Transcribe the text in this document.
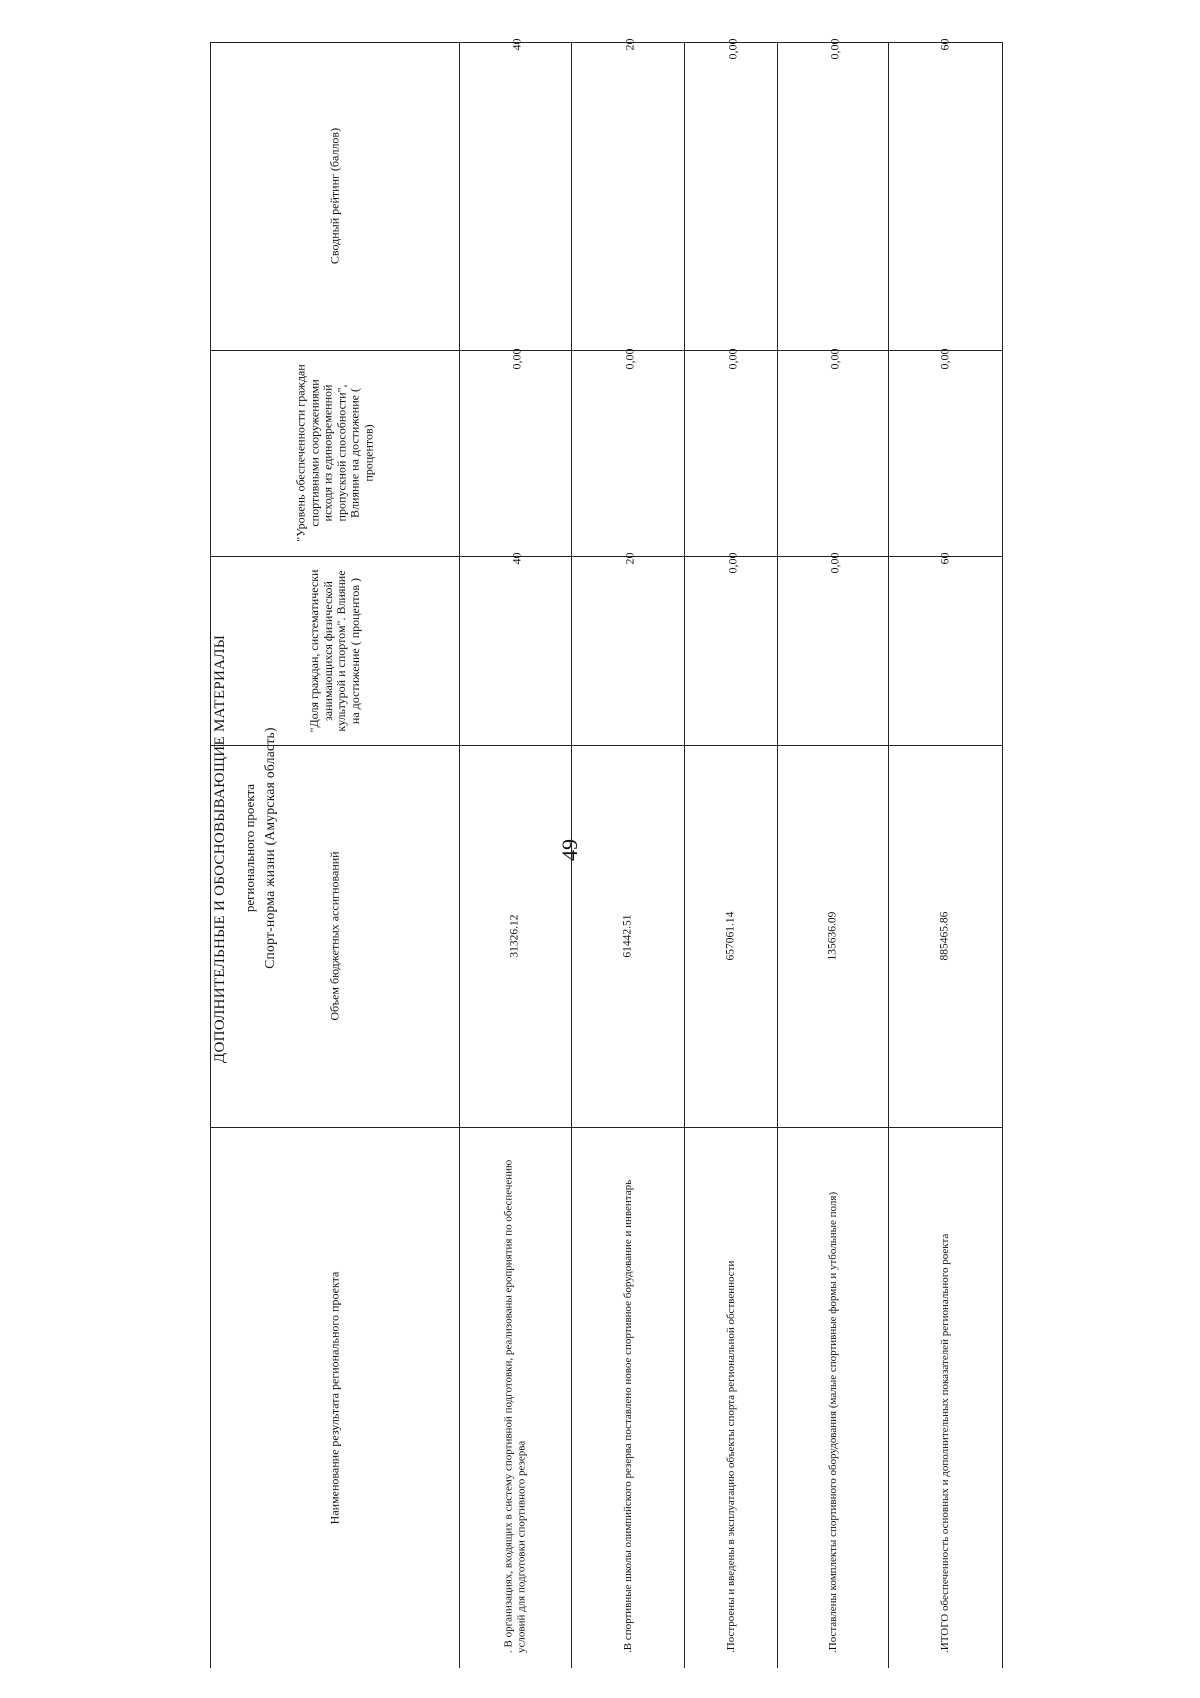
49
ДОПОЛНИТЕЛЬНЫЕ И ОБОСНОВЫВАЮЩИЕ МАТЕРИАЛЫ	регионального проекта Спорт-норма жизни (Амурская область)
Наименование результата регионального проекта
Объем бюджетных ассигнований
"Доля граждан, систематически занимающихся физической культурой и спортом". Влияние на достижение ( процентов )
"Уровень обеспеченности граждан спортивными сооружениями исходя из единовременной пропускной способности", Влияние на достижение ( процентов)
Сводный рейтинг (баллов)
. В организациях, входящих в систему спортивной подготовки, реализованы ероприятия по обеспечению условий для подготовки спортивного резерва
31326.12
40
0,00
40
.В спортивные школы олимпийского резерва поставлено новое спортивное борудование и инвентарь
61442.51
20
0,00
20
.Построены и введены в эксплуатацию объекты спорта региональной обственности
657061.14
0,00
0,00
0,00
.Поставлены комплекты спортивного оборудования (малые спортивные формы и утбольные поля)
135636.09
0,00
0,00
0,00
.ИТОГО обеспеченность основных и дополнительных показателей регионального роекта
885465.86
60
0,00
60
